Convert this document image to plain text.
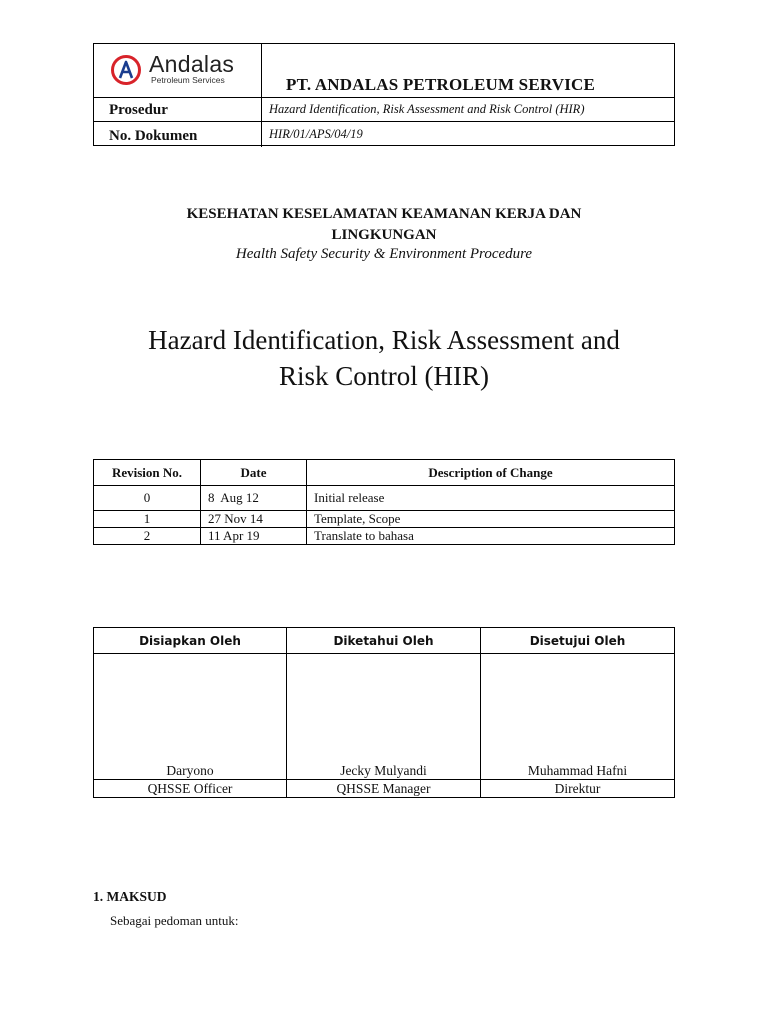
Andalas
Petroleum Services	PT. ANDALAS PETROLEUM SERVICE
Prosedur	Hazard Identification, Risk Assessment and Risk Control (HIR)
No. Dokumen	HIR/01/APS/04/19
KESEHATAN KESELAMATAN KEAMANAN KERJA DAN
LINGKUNGAN
Health Safety Security & Environment Procedure
Hazard Identification, Risk Assessment and
Risk Control (HIR)
Revision No.	Date	Description of Change
0	8  Aug 12	Initial release
1	27 Nov 14	Template, Scope
2	11 Apr 19	Translate to bahasa
Disiapkan Oleh	Diketahui Oleh	Disetujui Oleh
Daryono	Jecky Mulyandi	Muhammad Hafni
QHSSE Officer	QHSSE Manager	Direktur
1. MAKSUD
Sebagai pedoman untuk:
